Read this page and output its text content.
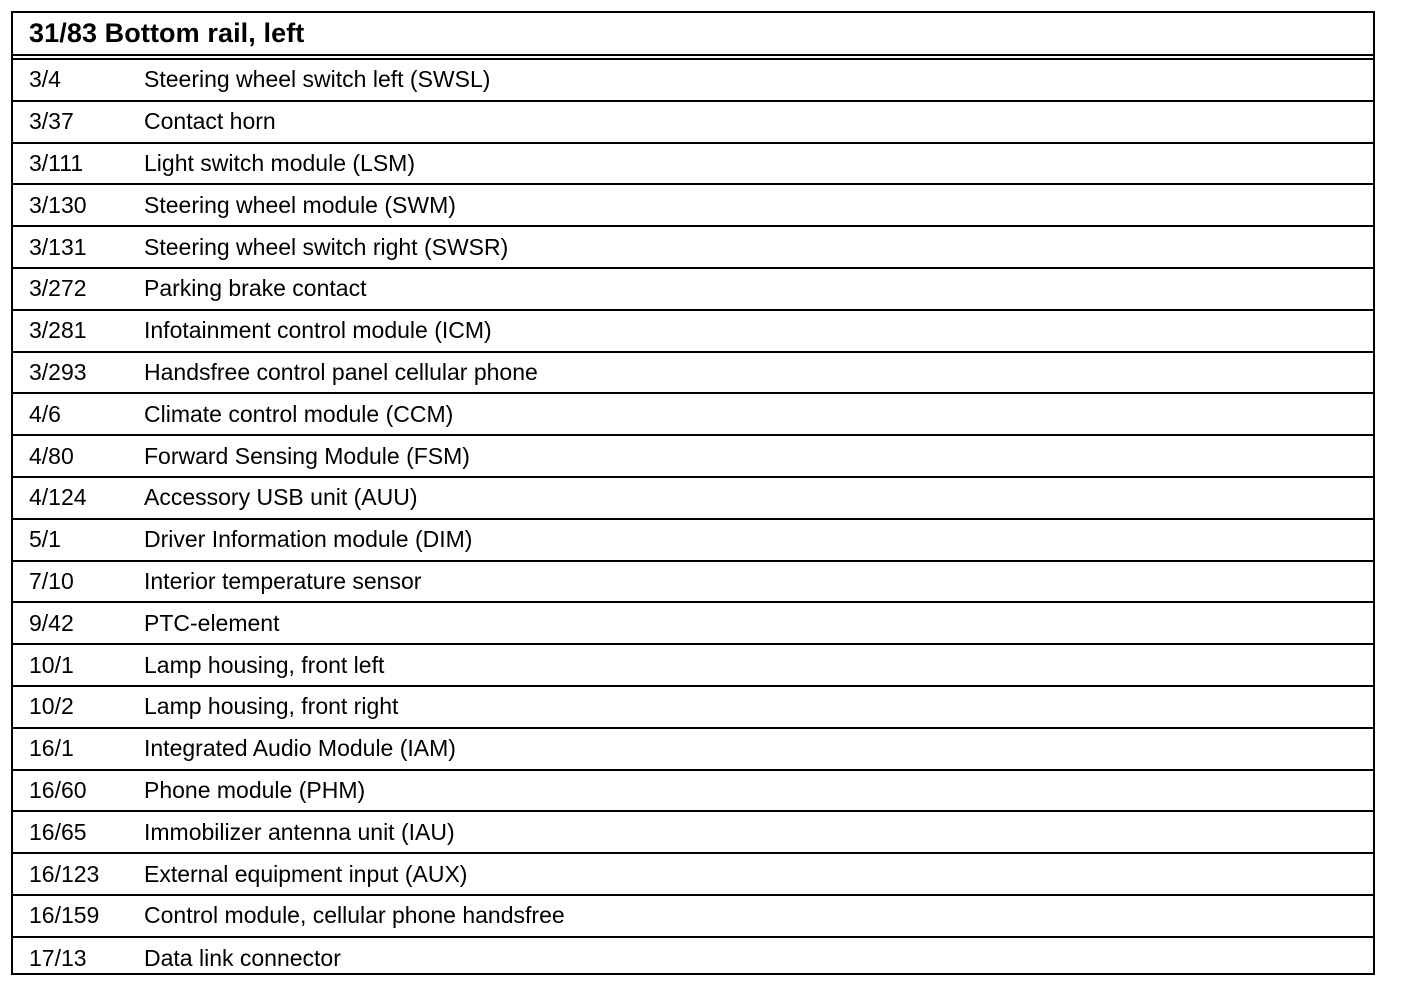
31/83 Bottom rail, left
3/4	Steering wheel switch left (SWSL)
3/37	Contact horn
3/111	Light switch module (LSM)
3/130	Steering wheel module (SWM)
3/131	Steering wheel switch right (SWSR)
3/272	Parking brake contact
3/281	Infotainment control module (ICM)
3/293	Handsfree control panel cellular phone
4/6	Climate control module (CCM)
4/80	Forward Sensing Module (FSM)
4/124	Accessory USB unit (AUU)
5/1	Driver Information module (DIM)
7/10	Interior temperature sensor
9/42	PTC-element
10/1	Lamp housing, front left
10/2	Lamp housing, front right
16/1	Integrated Audio Module (IAM)
16/60	Phone module (PHM)
16/65	Immobilizer antenna unit (IAU)
16/123	External equipment input (AUX)
16/159	Control module, cellular phone handsfree
17/13	Data link connector
